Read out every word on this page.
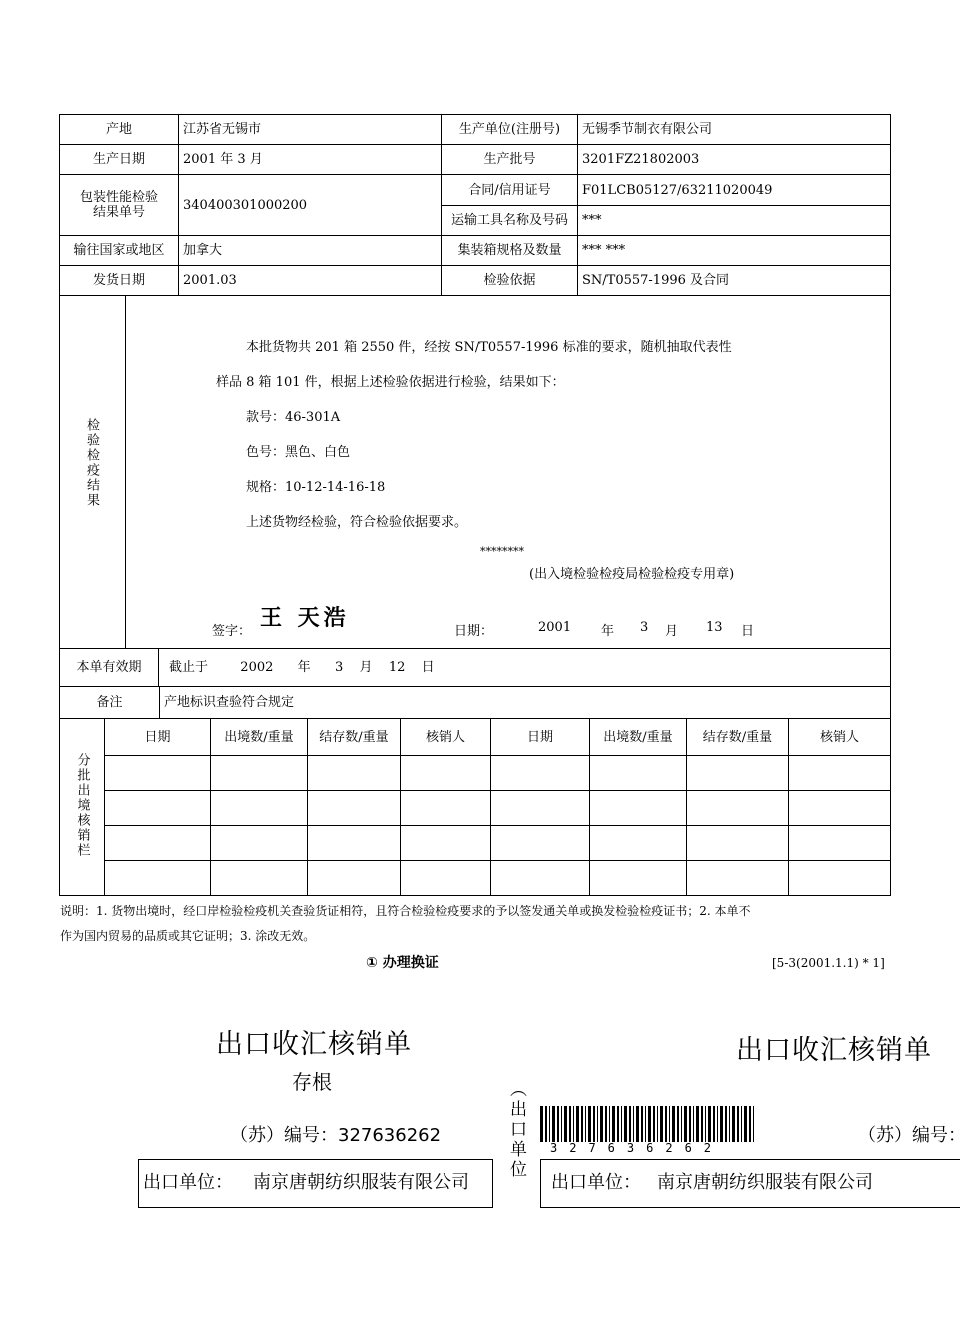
产地	江苏省无锡市	生产单位(注册号)	无锡季节制衣有限公司
生产日期	2001 年 3 月	生产批号	3201FZ21802003
包装性能检验结果单号	340400301000200	合同/信用证号	F01LCB05127/63211020049
		运输工具名称及号码	***
输往国家或地区	加拿大	集装箱规格及数量	*** ***
发货日期	2001.03	检验依据	SN/T0557-1996 及合同
检验检疫结果
本批货物共 201 箱 2550 件，经按 SN/T0557-1996 标准的要求，随机抽取代表性
样品 8 箱 101 件，根据上述检验依据进行检验，结果如下：
款号：46-301A
色号：黑色、白色
规格：10-12-14-16-18
上述货物经检验，符合检验依据要求。
********
(出入境检验检疫局检验检疫专用章)
签字：
王 天浩
日期：	2001 年 3 月 13 日
本单有效期	截止于 2002 年 3 月 12 日
备注	产地标识查验符合规定
分批出境核销栏	日期	出境数/重量	结存数/重量	核销人	日期	出境数/重量	结存数/重量	核销人

说明：1. 货物出境时，经口岸检验检疫机关查验货证相符，且符合检验检疫要求的予以签发通关单或换发检验检疫证书；2. 本单不
作为国内贸易的品质或其它证明；3. 涂改无效。
① 办理换证	[5-3(2001.1.1) * 1]
出口收汇核销单
存根
出口收汇核销单
（苏）编号：327636262	（苏）编号：
（出口单位 327636262
出口单位： 南京唐朝纺织服装有限公司	出口单位： 南京唐朝纺织服装有限公司
